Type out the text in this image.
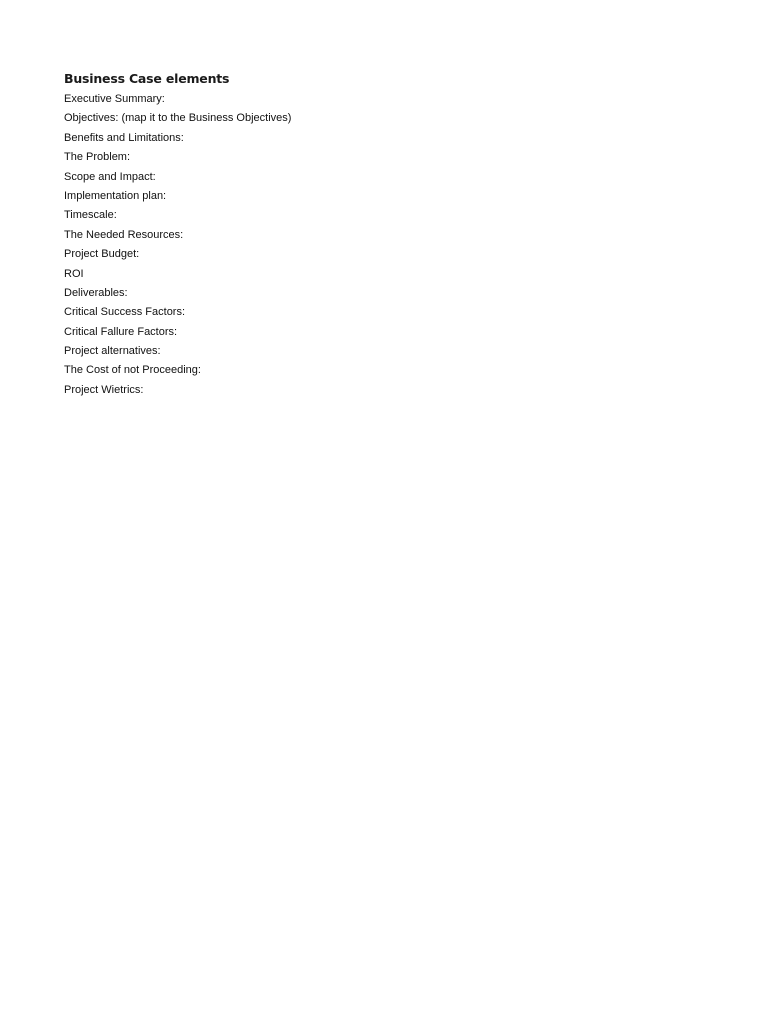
Business Case elements
Executive Summary:
Objectives: (map it to the Business Objectives)
Benefits and Limitations:
The Problem:
Scope and Impact:
Implementation plan:
Timescale:
The Needed Resources:
Project Budget:
ROI
Deliverables:
Critical Success Factors:
Critical Fallure Factors:
Project alternatives:
The Cost of not Proceeding:
Project Wietrics:
